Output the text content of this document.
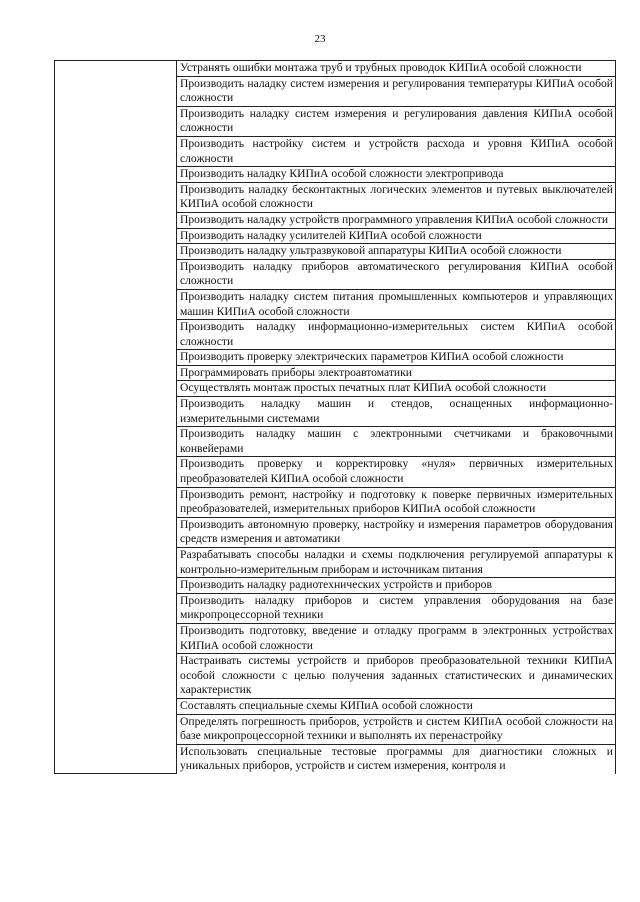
23
	Устранять ошибки монтажа труб и трубных проводок КИПиА особой сложности
Производить наладку систем измерения и регулирования температуры КИПиА особой сложности
Производить наладку систем измерения и регулирования давления КИПиА особой сложности
Производить настройку систем и устройств расхода и уровня КИПиА особой сложности
Производить наладку КИПиА особой сложности электропривода
Производить наладку бесконтактных логических элементов и путевых выключателей КИПиА особой сложности
Производить наладку устройств программного управления КИПиА особой сложности
Производить наладку усилителей КИПиА особой сложности
Производить наладку ультразвуковой аппаратуры КИПиА особой сложности
Производить наладку приборов автоматического регулирования КИПиА особой сложности
Производить наладку систем питания промышленных компьютеров и управляющих машин КИПиА особой сложности
Производить наладку информационно-измерительных систем КИПиА особой сложности
Производить проверку электрических параметров КИПиА особой сложности
Программировать приборы электроавтоматики
Осуществлять монтаж простых печатных плат КИПиА особой сложности
Производить наладку машин и стендов, оснащенных информационно-измерительными системами
Производить наладку машин с электронными счетчиками и браковочными конвейерами
Производить проверку и корректировку «нуля» первичных измерительных преобразователей КИПиА особой сложности
Производить ремонт, настройку и подготовку к поверке первичных измерительных преобразователей, измерительных приборов КИПиА особой сложности
Производить автономную проверку, настройку и измерения параметров оборудования средств измерения и автоматики
Разрабатывать способы наладки и схемы подключения регулируемой аппаратуры к контрольно-измерительным приборам и источникам питания
Производить наладку радиотехнических устройств и приборов
Производить наладку приборов и систем управления оборудования на базе микропроцессорной техники
Производить подготовку, введение и отладку программ в электронных устройствах КИПиА особой сложности
Настраивать системы устройств и приборов преобразовательной техники КИПиА особой сложности с целью получения заданных статистических и динамических характеристик
Составлять специальные схемы КИПиА особой сложности
Определять погрешность приборов, устройств и систем КИПиА особой сложности на базе микропроцессорной техники и выполнять их перенастройку
Использовать специальные тестовые программы для диагностики сложных и уникальных приборов, устройств и систем измерения, контроля и
